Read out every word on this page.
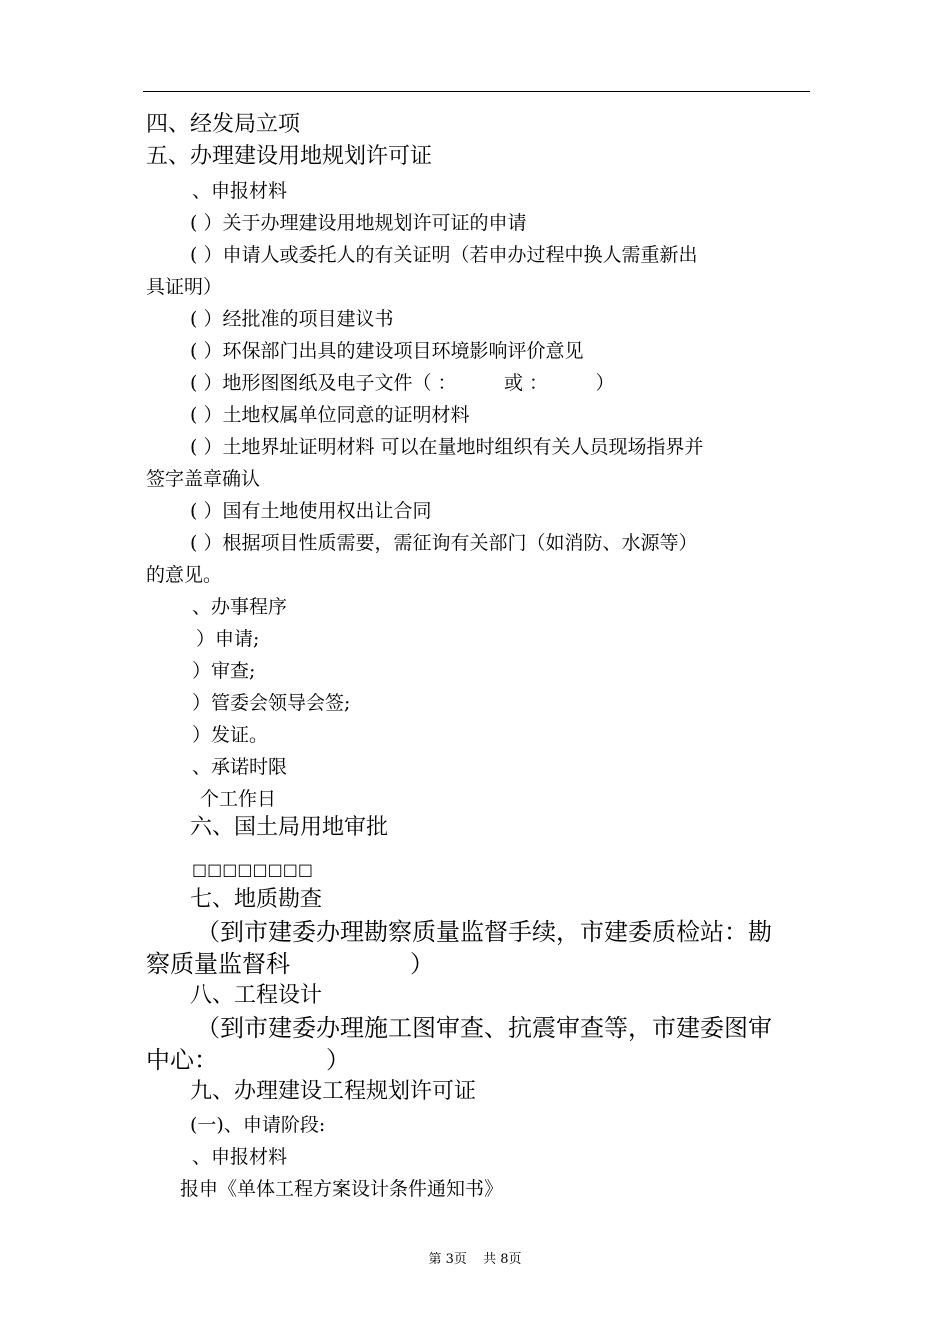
四、经发局立项
五、办理建设用地规划许可证
、申报材料
( ）关于办理建设用地规划许可证的申请
( ）申请人或委托人的有关证明（若申办过程中换人需重新出
具证明）
( ）经批准的项目建议书
( ）环保部门出具的建设项目环境影响评价意见
( ）地形图图纸及电子文件（ ：　　　或 ：　　　）
( ）土地权属单位同意的证明材料
( ）土地界址证明材料 可以在量地时组织有关人员现场指界并
签字盖章确认
( ）国有土地使用权出让合同
( ）根据项目性质需要，需征询有关部门（如消防、水源等）
的意见。
、办事程序
）申请;
）审查;
）管委会领导会签;
）发证。
、承诺时限
个工作日
六、国土局用地审批
□□□□□□□□
七、地质勘查
（到市建委办理勘察质量监督手续，市建委质检站：勘
察质量监督科　　　　　）
八、工程设计
（到市建委办理施工图审查、抗震审查等，市建委图审
中心：　　　　　）
九、办理建设工程规划许可证
(一)、申请阶段:
、申报材料
报申《单体工程方案设计条件通知书》
第 3页 共 8页
